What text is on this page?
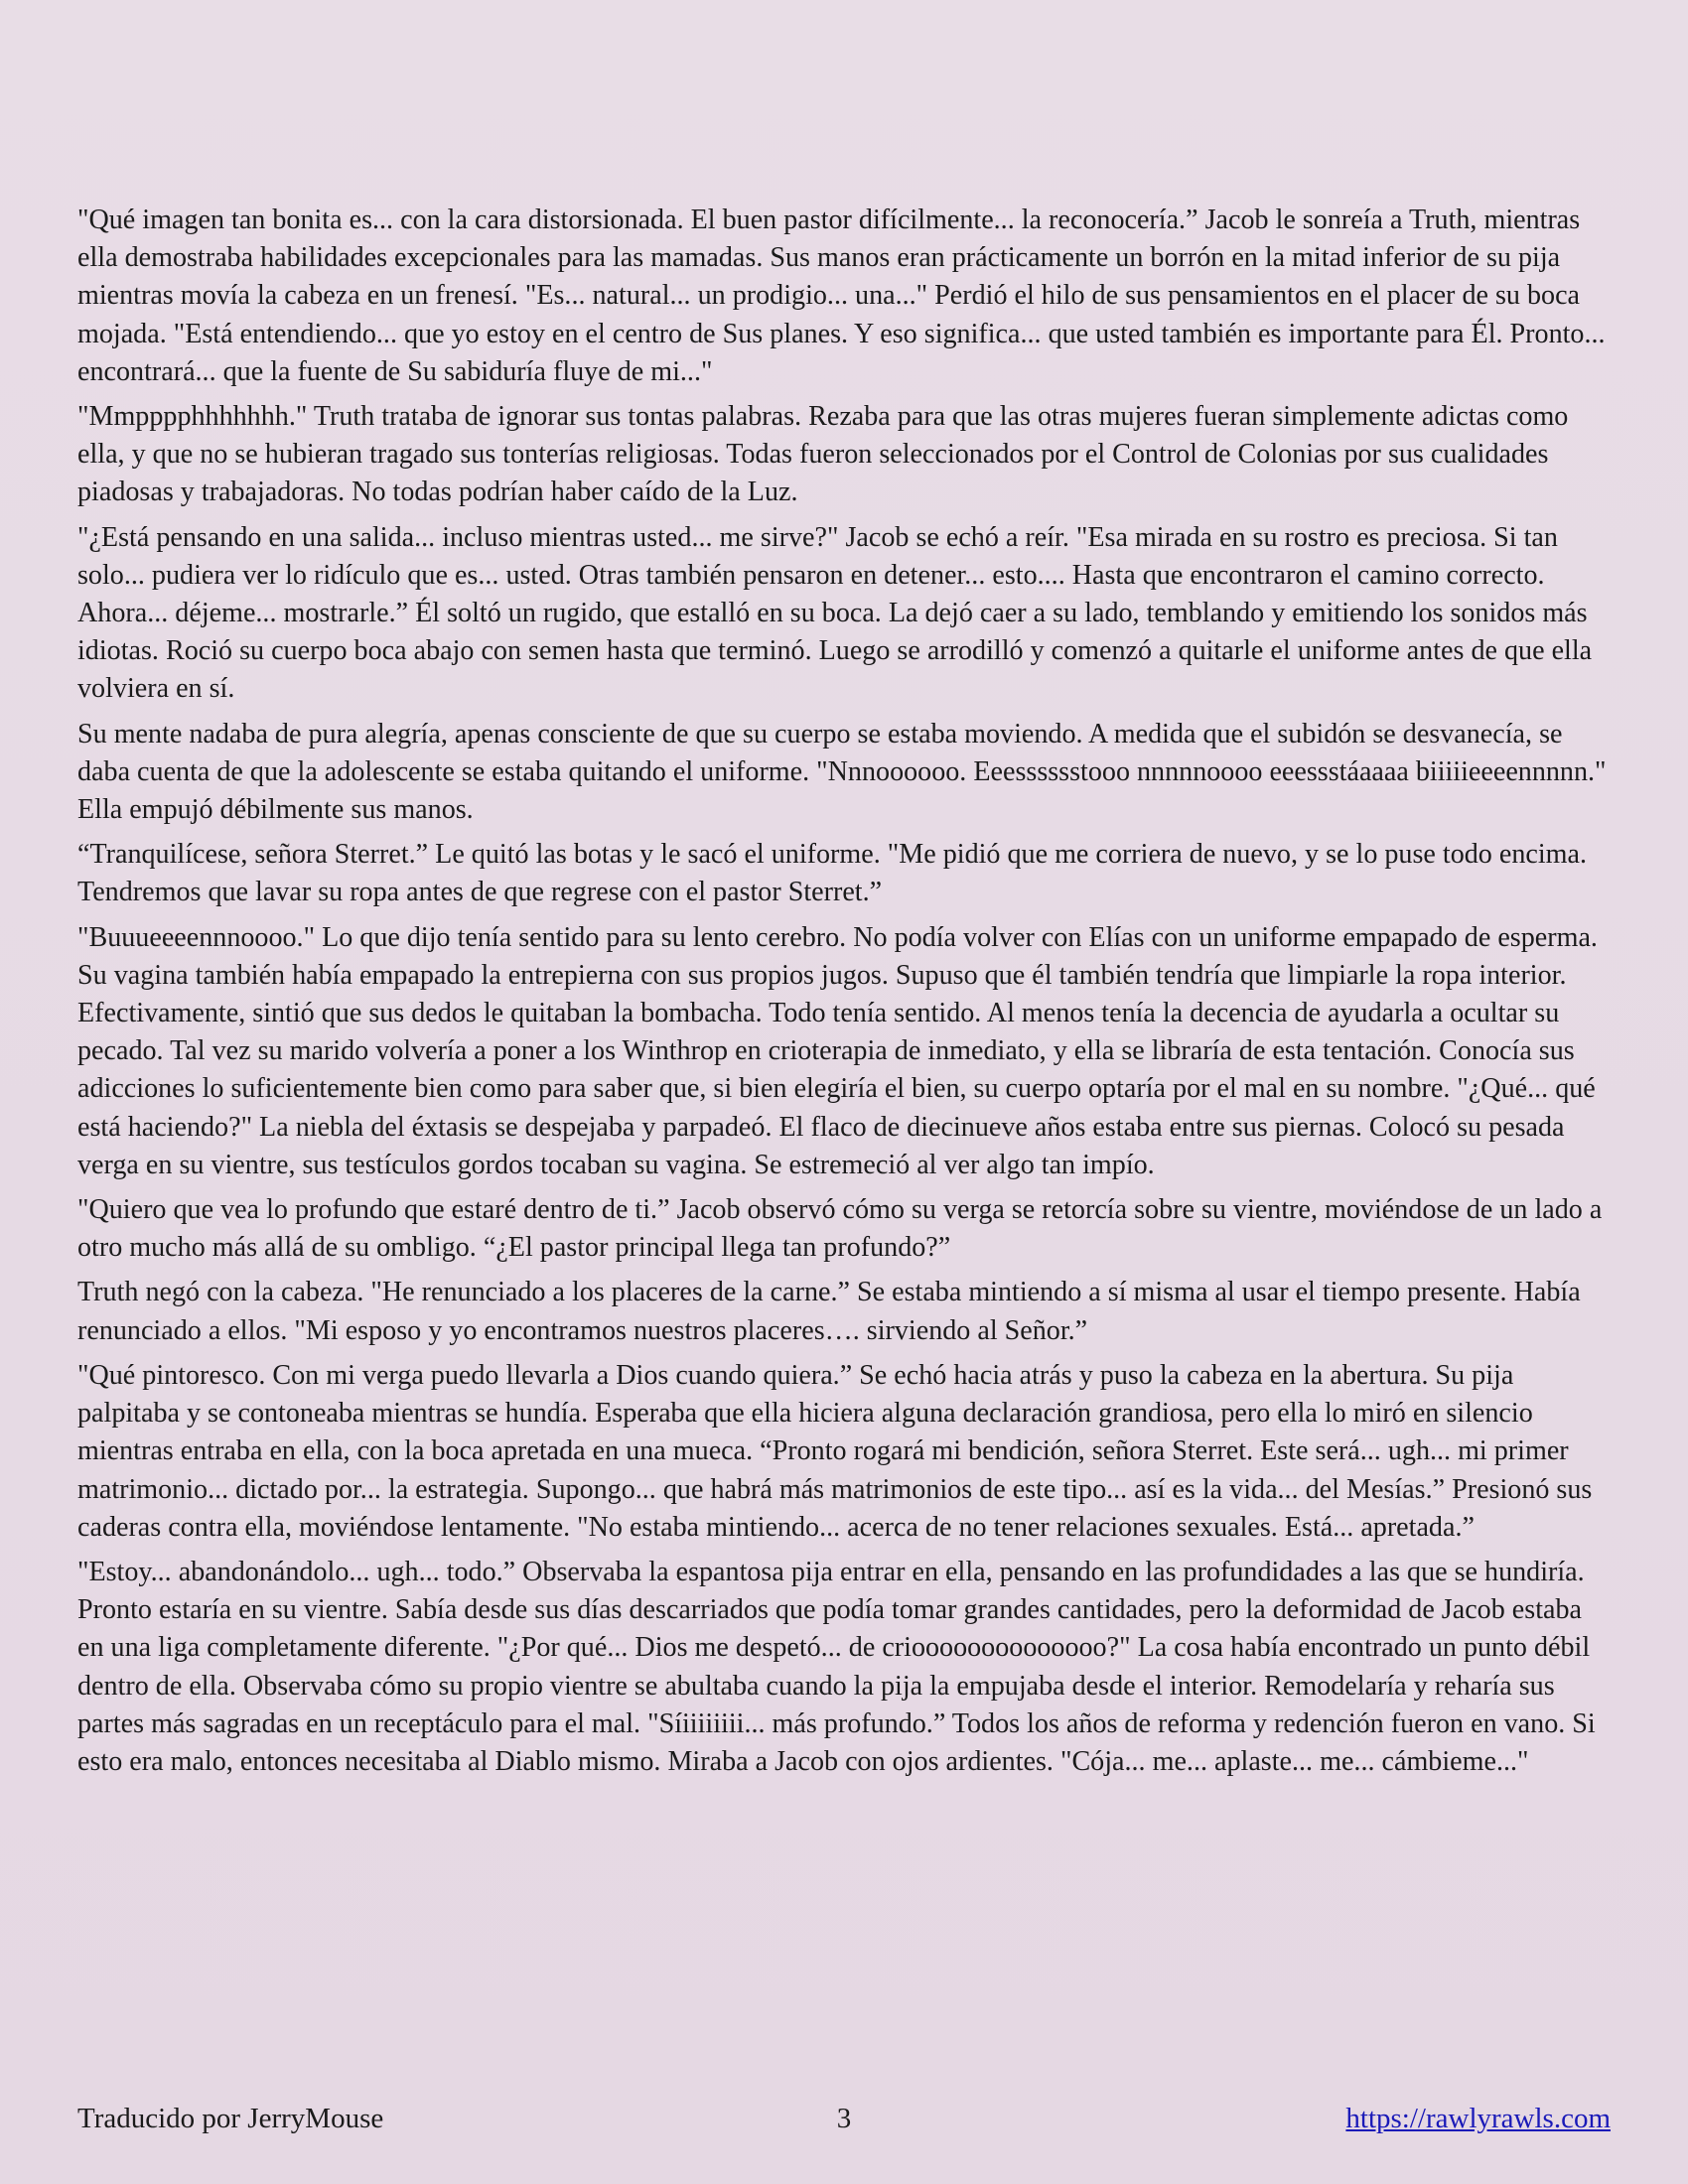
"Qué imagen tan bonita es... con la cara distorsionada. El buen pastor difícilmente... la reconocería.” Jacob le sonreía a Truth, mientras ella demostraba habilidades excepcionales para las mamadas. Sus manos eran prácticamente un borrón en la mitad inferior de su pija mientras movía la cabeza en un frenesí. "Es... natural... un prodigio... una..." Perdió el hilo de sus pensamientos en el placer de su boca mojada. "Está entendiendo... que yo estoy en el centro de Sus planes. Y eso significa... que usted también es importante para Él. Pronto... encontrará... que la fuente de Su sabiduría fluye de mi..."

"Mmpppphhhhhhh." Truth trataba de ignorar sus tontas palabras. Rezaba para que las otras mujeres fueran simplemente adictas como ella, y que no se hubieran tragado sus tonterías religiosas. Todas fueron seleccionados por el Control de Colonias por sus cualidades piadosas y trabajadoras. No todas podrían haber caído de la Luz.

"¿Está pensando en una salida... incluso mientras usted... me sirve?" Jacob se echó a reír. "Esa mirada en su rostro es preciosa. Si tan solo... pudiera ver lo ridículo que es... usted. Otras también pensaron en detener... esto.... Hasta que encontraron el camino correcto. Ahora... déjeme... mostrarle.” Él soltó un rugido, que estalló en su boca. La dejó caer a su lado, temblando y emitiendo los sonidos más idiotas. Roció su cuerpo boca abajo con semen hasta que terminó. Luego se arrodilló y comenzó a quitarle el uniforme antes de que ella volviera en sí.

Su mente nadaba de pura alegría, apenas consciente de que su cuerpo se estaba moviendo. A medida que el subidón se desvanecía, se daba cuenta de que la adolescente se estaba quitando el uniforme. "Nnnoooooo. Eeesssssstooo nnnnnoooo eeessstáaaaa biiiiieeeennnnn." Ella empujó débilmente sus manos.

“Tranquilícese, señora Sterret.” Le quitó las botas y le sacó el uniforme. "Me pidió que me corriera de nuevo, y se lo puse todo encima. Tendremos que lavar su ropa antes de que regrese con el pastor Sterret.”

"Buuueeeennnoooo." Lo que dijo tenía sentido para su lento cerebro. No podía volver con Elías con un uniforme empapado de esperma. Su vagina también había empapado la entrepierna con sus propios jugos. Supuso que él también tendría que limpiarle la ropa interior. Efectivamente, sintió que sus dedos le quitaban la bombacha. Todo tenía sentido. Al menos tenía la decencia de ayudarla a ocultar su pecado. Tal vez su marido volvería a poner a los Winthrop en crioterapia de inmediato, y ella se libraría de esta tentación. Conocía sus adicciones lo suficientemente bien como para saber que, si bien elegiría el bien, su cuerpo optaría por el mal en su nombre. "¿Qué... qué está haciendo?" La niebla del éxtasis se despejaba y parpadeó. El flaco de diecinueve años estaba entre sus piernas. Colocó su pesada verga en su vientre, sus testículos gordos tocaban su vagina. Se estremeció al ver algo tan impío.

"Quiero que vea lo profundo que estaré dentro de ti.” Jacob observó cómo su verga se retorcía sobre su vientre, moviéndose de un lado a otro mucho más allá de su ombligo. “¿El pastor principal llega tan profundo?”

Truth negó con la cabeza. "He renunciado a los placeres de la carne.” Se estaba mintiendo a sí misma al usar el tiempo presente. Había renunciado a ellos. "Mi esposo y yo encontramos nuestros placeres…. sirviendo al Señor.”

"Qué pintoresco. Con mi verga puedo llevarla a Dios cuando quiera.” Se echó hacia atrás y puso la cabeza en la abertura. Su pija palpitaba y se contoneaba mientras se hundía. Esperaba que ella hiciera alguna declaración grandiosa, pero ella lo miró en silencio mientras entraba en ella, con la boca apretada en una mueca. “Pronto rogará mi bendición, señora Sterret. Este será... ugh... mi primer matrimonio... dictado por... la estrategia. Supongo... que habrá más matrimonios de este tipo... así es la vida... del Mesías.” Presionó sus caderas contra ella, moviéndose lentamente. "No estaba mintiendo... acerca de no tener relaciones sexuales. Está... apretada.”

"Estoy... abandonándolo... ugh... todo.” Observaba la espantosa pija entrar en ella, pensando en las profundidades a las que se hundiría. Pronto estaría en su vientre. Sabía desde sus días descarriados que podía tomar grandes cantidades, pero la deformidad de Jacob estaba en una liga completamente diferente. "¿Por qué... Dios me despetó... de crioooooooooooooo?" La cosa había encontrado un punto débil dentro de ella. Observaba cómo su propio vientre se abultaba cuando la pija la empujaba desde el interior. Remodelaría y reharía sus partes más sagradas en un receptáculo para el mal. "Síiiiiiiii... más profundo.” Todos los años de reforma y redención fueron en vano. Si esto era malo, entonces necesitaba al Diablo mismo. Miraba a Jacob con ojos ardientes. "Cója... me... aplaste... me... cámbieme..."

3
Traducido por JerryMouse	https://rawlyrawls.com
